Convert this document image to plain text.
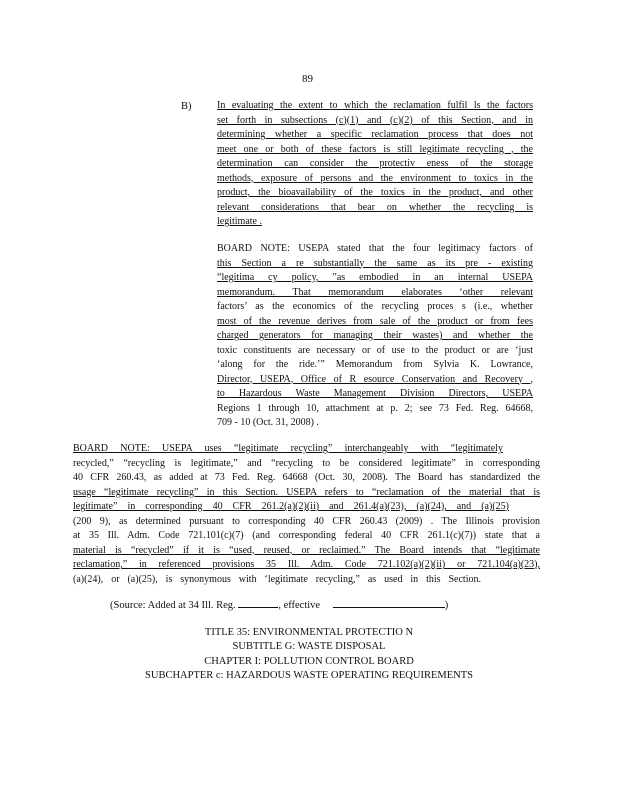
89
B)	In evaluating the extent to which the reclamation fulfil ls the factors
set forth in subsections (c)(1) and (c)(2) of this Section, and in
determining whether a specific reclamation process that does not
meet one or both of these factors is still legitimate recycling , the
determination can consider the protectiv eness of the storage
methods, exposure of persons and the environment to toxics in the
product, the bioavailability of the toxics in the product, and other
relevant considerations that bear on whether the recycling is
legitimate .
BOARD NOTE: USEPA stated that the four legitimacy factors of
this Section a re substantially the same as its pre - existing
“legitima cy policy, ”as embodied in an internal USEPA
memorandum. That memorandum elaborates ‘other relevant
factors’ as the economics of the recycling proces s (i.e., whether
most of the revenue derives from sale of the product or from fees
charged generators for managing their wastes) and whether the
toxic constituents are necessary or of use to the product or are ‘just
‘along for the ride.’” Memorandum from Sylvia K. Lowrance,
Director, USEPA, Office of R esource Conservation and Recovery ,
to Hazardous Waste Management Division Directors, USEPA
Regions 1 through 10, attachment at p. 2; see 73 Fed. Reg. 64668,
709 - 10 (Oct. 31, 2008) .
BOARD NOTE: USEPA uses “legitimate recycling” interchangeably with “legitimately
recycled,” “recycling is legitimate,” and “recycling to be considered legitimate” in corresponding
40 CFR 260.43, as added at 73 Fed. Reg. 64668 (Oct. 30, 2008). The Board has standardized the
usage “legitimate recycling” in this Section. USEPA refers to “reclamation of the material that is
legitimate” in corresponding 40 CFR 261.2(a)(2)(ii) and 261.4(a)(23), (a)(24), and (a)(25)
(200 9), as determined pursuant to corresponding 40 CFR 260.43 (2009) . The Illinois provision
at 35 Ill. Adm. Code 721.101(c)(7) (and corresponding federal 40 CFR 261.1(c)(7)) state that a
material is “recycled” if it is “used, reused, or reclaimed.” The Board intends that “legitimate
reclamation,” in referenced provisions 35 Ill. Adm. Code 721.102(a)(2)(ii) or 721.104(a)(23),
(a)(24), or (a)(25), is synonymous with ‘legitimate recycling,” as used in this Section.
(Source: Added at 34 Ill. Reg.	, effective	)
TITLE 35: ENVIRONMENTAL PROTECTIO N
SUBTITLE G: WASTE DISPOSAL
CHAPTER I: POLLUTION CONTROL BOARD
SUBCHAPTER c: HAZARDOUS WASTE OPERATING REQUIREMENTS
